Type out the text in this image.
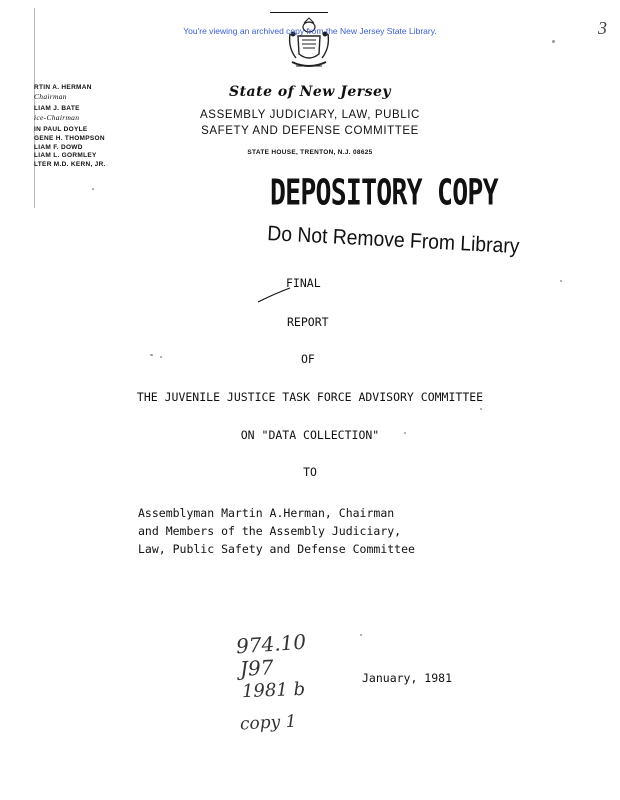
You're viewing an archived copy from the New Jersey State Library.	3
State of New Jersey
ASSEMBLY JUDICIARY, LAW, PUBLIC
SAFETY AND DEFENSE COMMITTEE
STATE HOUSE, TRENTON, N.J. 08625
RTIN A. HERMAN
Chairman
LIAM J. BATE
ice-Chairman
IN PAUL DOYLE
GENE H. THOMPSON
LIAM F. DOWD
LIAM L. GORMLEY
LTER M.D. KERN, JR.
DEPOSITORY COPY
Do Not Remove From Library
FINAL
REPORT
OF
THE JUVENILE JUSTICE TASK FORCE ADVISORY COMMITTEE
ON "DATA COLLECTION"
TO
Assemblyman Martin A.Herman, Chairman
and Members of the Assembly Judiciary,
Law, Public Safety and Defense Committee
January, 1981
974.10
J97
1981 b
copy 1
